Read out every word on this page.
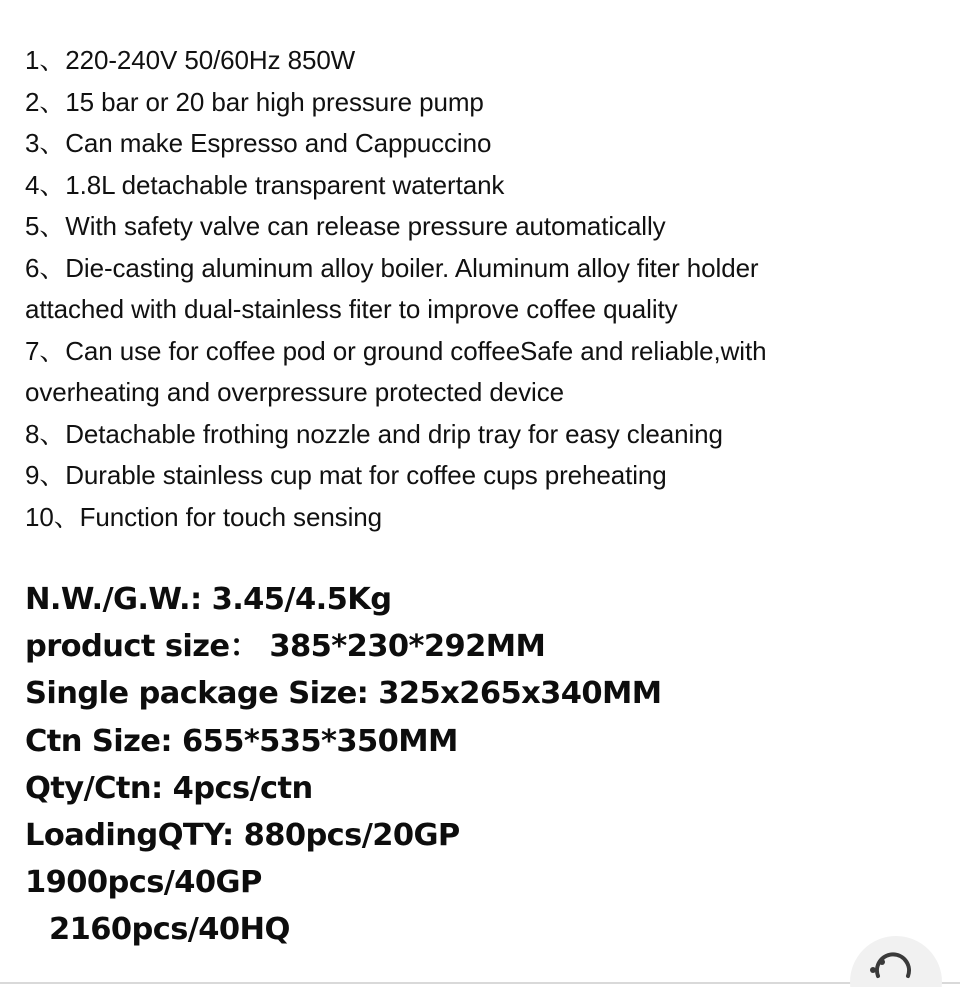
1、220-240V 50/60Hz 850W
2、15 bar or 20 bar high pressure pump
3、Can make Espresso and Cappuccino
4、1.8L detachable transparent watertank
5、With safety valve can release pressure automatically
6、Die-casting aluminum alloy boiler. Aluminum alloy fiter holder
attached with dual-stainless fiter to improve coffee quality
7、Can use for coffee pod or ground coffeeSafe and reliable,with
overheating and overpressure protected device
8、Detachable frothing nozzle and drip tray for easy cleaning
9、Durable stainless cup mat for coffee cups preheating
10、Function for touch sensing
N.W./G.W.: 3.45/4.5Kg
product size： 385*230*292MM
Single package Size: 325x265x340MM
Ctn Size: 655*535*350MM
Qty/Ctn: 4pcs/ctn
LoadingQTY: 880pcs/20GP
1900pcs/40GP
2160pcs/40HQ
